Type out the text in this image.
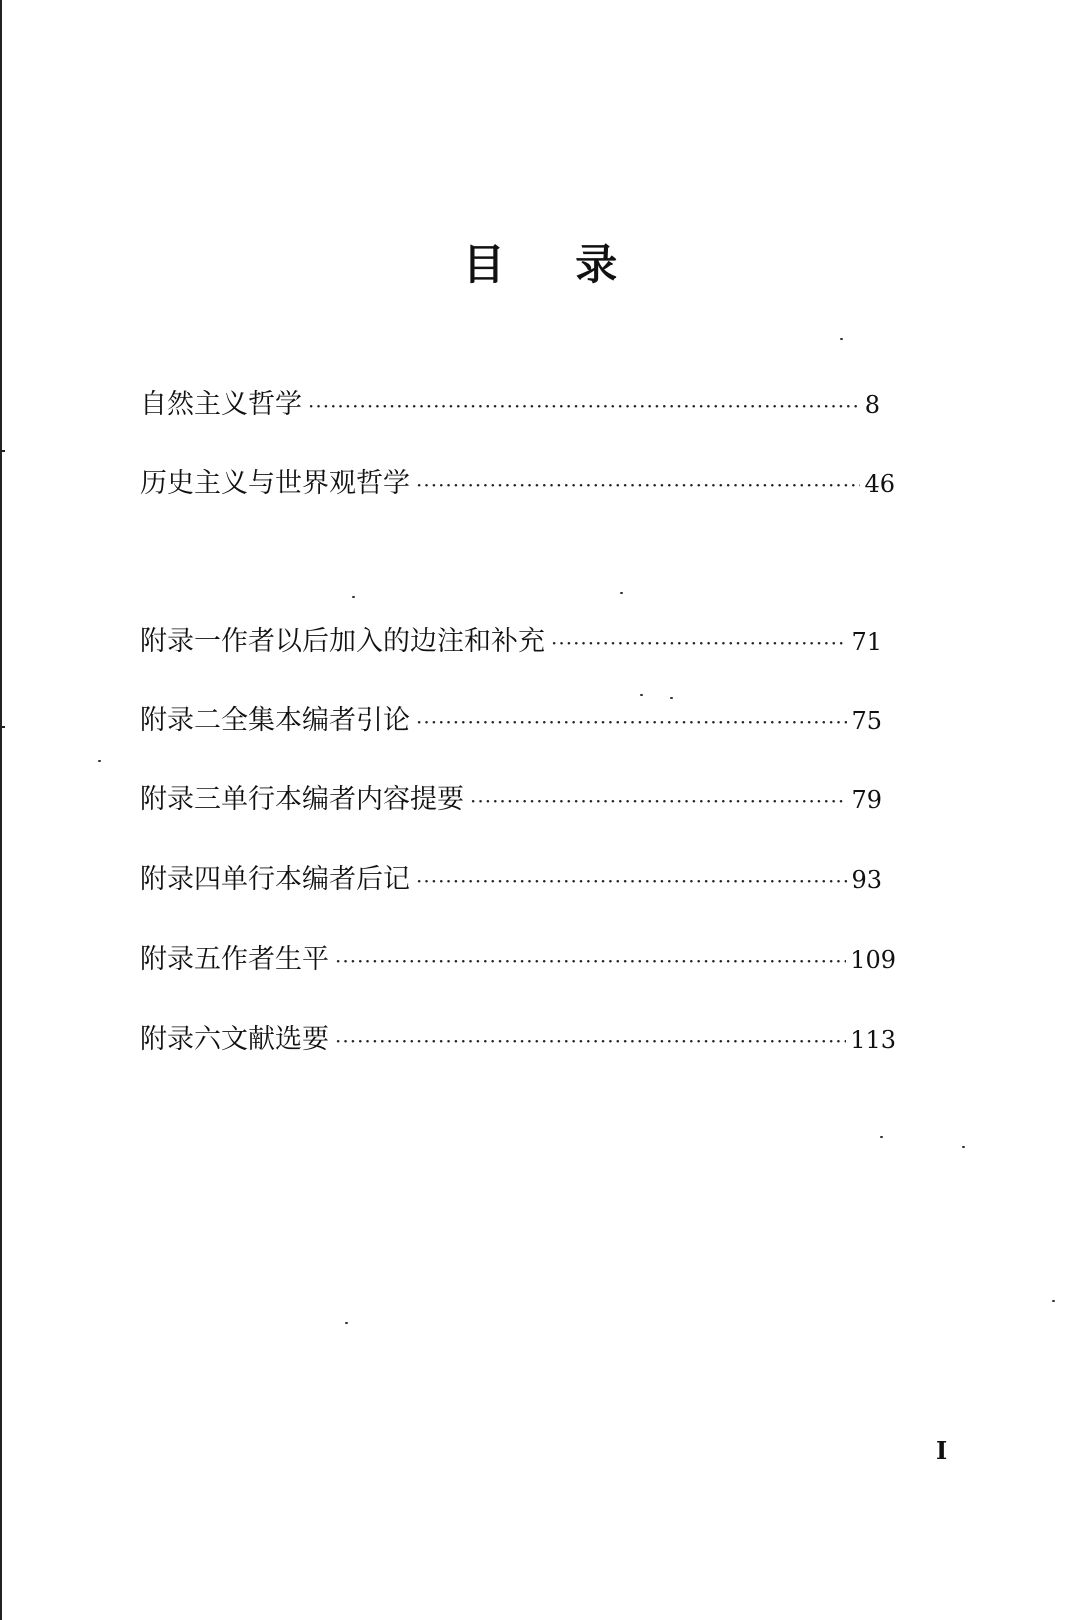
目 录
自然主义哲学 ·····	8
历史主义与世界观哲学 ·····	46
附录一 作者以后加入的边注和补充 ·····	71
附录二 全集本编者引论 ·····	75
附录三 单行本编者内容提要 ·····	79
附录四 单行本编者后记 ·····	93
附录五 作者生平 ·····	109
附录六 文献选要 ·····	113
I
